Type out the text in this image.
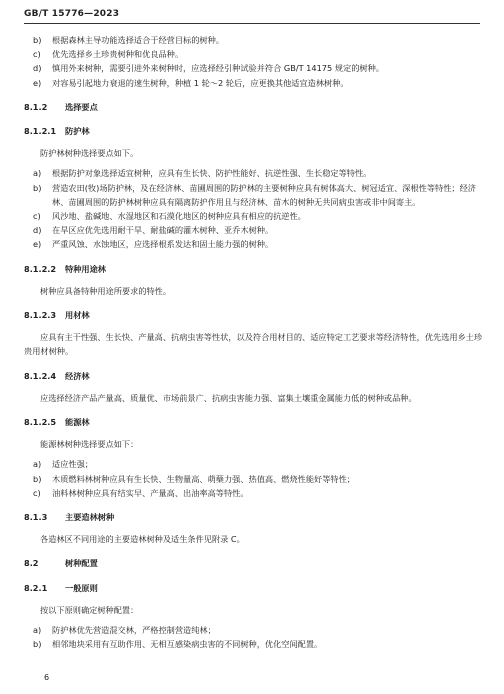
GB/T 15776—2023
b) 根据森林主导功能选择适合于经营目标的树种。
c) 优先选择乡土珍贵树种和优良品种。
d) 慎用外来树种，需要引进外来树种时，应选择经引种试验并符合 GB/T 14175 规定的树种。
e) 对容易引起地力衰退的速生树种，种植 1 轮～2 轮后，应更换其他适宜造林树种。
8.1.2 选择要点
8.1.2.1 防护林
防护林树种选择要点如下。
a) 根据防护对象选择适宜树种，应具有生长快、防护性能好、抗逆性强、生长稳定等特性。
b) 营造农田(牧)场防护林，及在经济林、苗圃周围的防护林的主要树种应具有树体高大、树冠适宜、深根性等特性；经济林、苗圃周围的防护林树种应具有隔离防护作用且与经济林、苗木的树种无共同病虫害或非中间寄主。
c) 风沙地、盐碱地、水湿地区和石漠化地区的树种应具有相应的抗逆性。
d) 在旱区应优先选用耐干旱、耐盐碱的灌木树种、亚乔木树种。
e) 严重风蚀、水蚀地区，应选择根系发达和固土能力强的树种。
8.1.2.2 特种用途林
树种应具备特种用途所要求的特性。
8.1.2.3 用材林
应具有主干性强、生长快、产量高、抗病虫害等性状，以及符合用材目的、适应特定工艺要求等经济特性，优先选用乡土珍贵用材树种。
8.1.2.4 经济林
应选择经济产品产量高、质量优、市场前景广、抗病虫害能力强、富集土壤重金属能力低的树种或品种。
8.1.2.5 能源林
能源林树种选择要点如下：
a) 适应性强；
b) 木质燃料林树种应具有生长快、生物量高、萌蘖力强、热值高、燃烧性能好等特性；
c) 油料林树种应具有结实早、产量高、出油率高等特性。
8.1.3 主要造林树种
各造林区不同用途的主要造林树种及适生条件见附录 C。
8.2	树种配置
8.2.1 一般原则
按以下原则确定树种配置：
a) 防护林优先营造混交林，严格控制营造纯林；
b) 相邻地块采用有互助作用、无相互感染病虫害的不同树种，优化空间配置。
6
